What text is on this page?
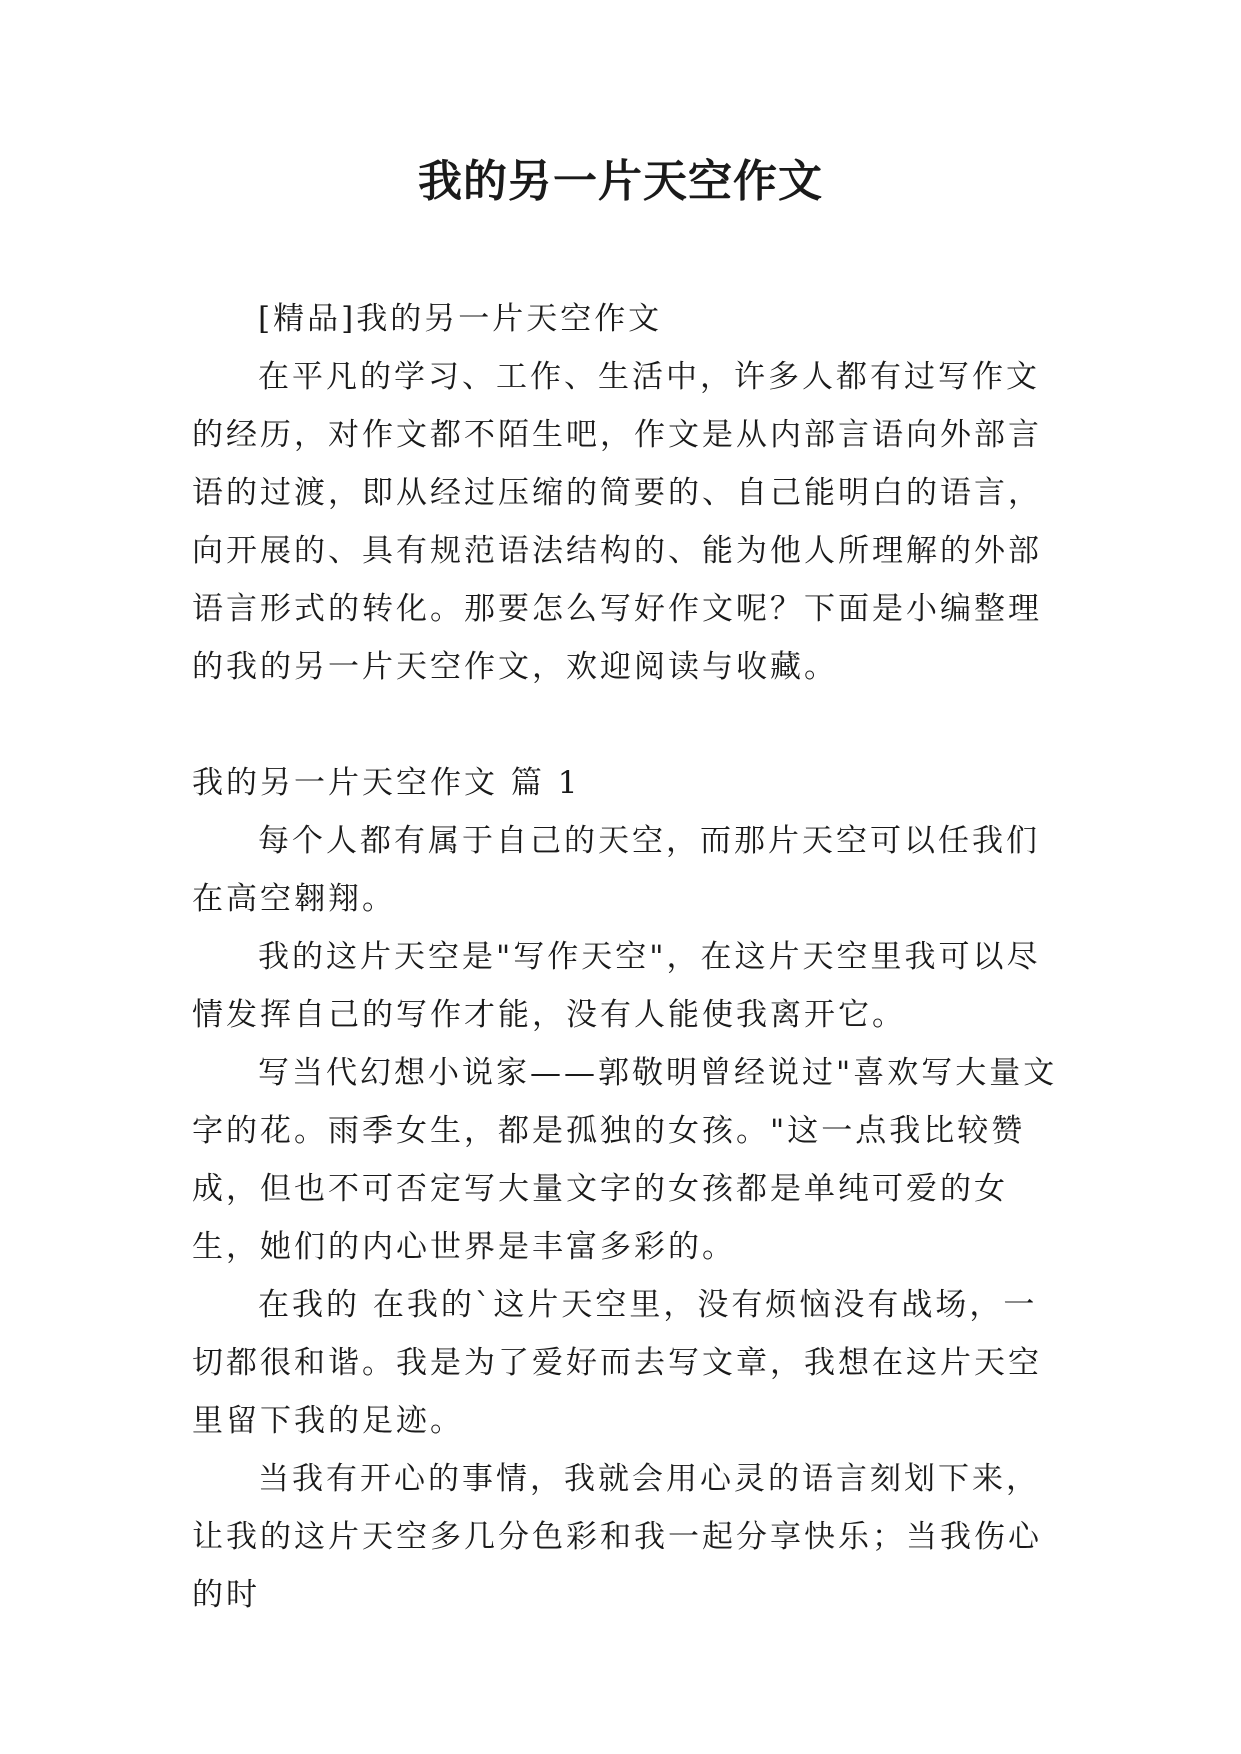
我的另一片天空作文

[精品]我的另一片天空作文

在平凡的学习、工作、生活中，许多人都有过写作文的经历，对作文都不陌生吧，作文是从内部言语向外部言语的过渡，即从经过压缩的简要的、自己能明白的语言，向开展的、具有规范语法结构的、能为他人所理解的外部语言形式的转化。那要怎么写好作文呢？下面是小编整理的我的另一片天空作文，欢迎阅读与收藏。

我的另一片天空作文 篇 1

每个人都有属于自己的天空，而那片天空可以任我们在高空翱翔。

我的这片天空是"写作天空"，在这片天空里我可以尽情发挥自己的写作才能，没有人能使我离开它。

写当代幻想小说家——郭敬明曾经说过"喜欢写大量文字的花。雨季女生，都是孤独的女孩。"这一点我比较赞成，但也不可否定写大量文字的女孩都是单纯可爱的女生，她们的内心世界是丰富多彩的。

在我的 在我的`这片天空里，没有烦恼没有战场，一切都很和谐。我是为了爱好而去写文章，我想在这片天空里留下我的足迹。

当我有开心的事情，我就会用心灵的语言刻划下来，让我的这片天空多几分色彩和我一起分享快乐；当我伤心的时
